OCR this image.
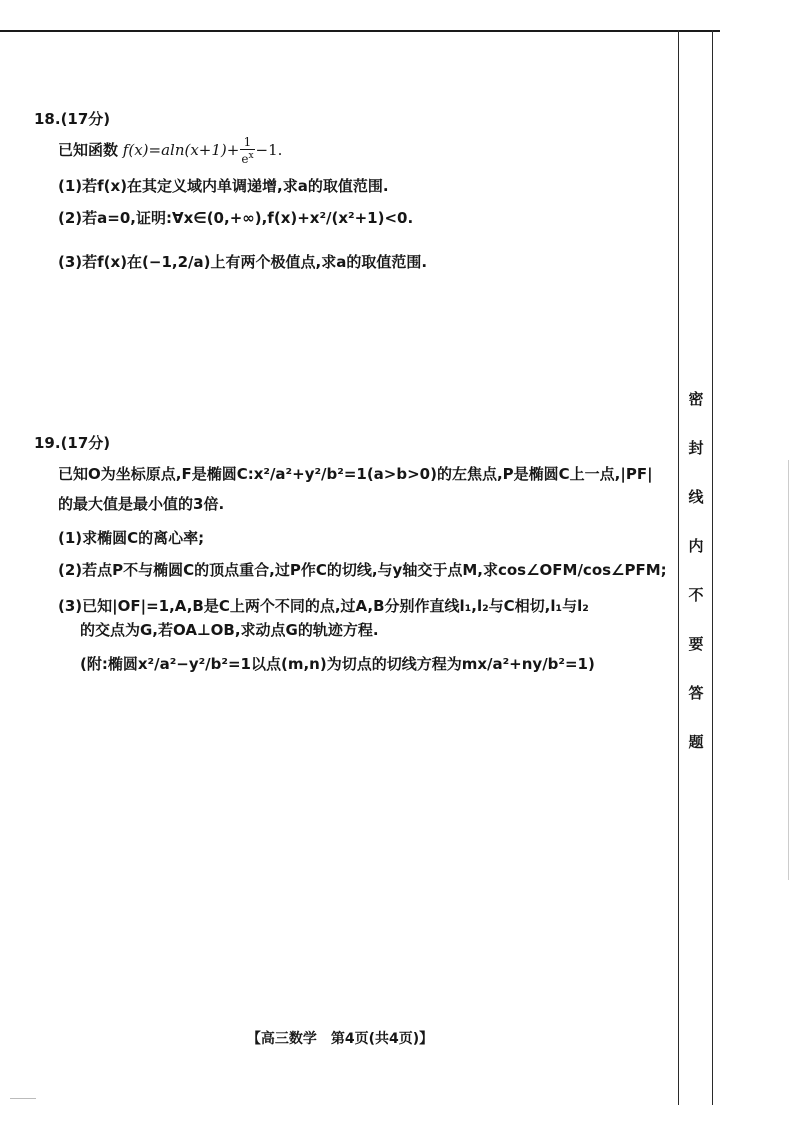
密
封
线
内
不
要
答
题
18.(17分)
已知函数 $f(x)=aln(x+1)+ \frac{1}{e^x} -1$.
(1)若f(x)在其定义域内单调递增,求a的取值范围.
(2)若a=0,证明:∀x∈(0,+∞),f(x)+x²/(x²+1)<0.
(3)若f(x)在(−1,2/a)上有两个极值点,求a的取值范围.
19.(17分)
已知O为坐标原点,F是椭圆C:x²/a²+y²/b²=1(a>b>0)的左焦点,P是椭圆C上一点,|PF|
的最大值是最小值的3倍.
(1)求椭圆C的离心率;
(2)若点P不与椭圆C的顶点重合,过P作C的切线,与y轴交于点M,求cos∠OFM/cos∠PFM;
(3)已知|OF|=1,A,B是C上两个不同的点,过A,B分别作直线l₁,l₂与C相切,l₁与l₂
的交点为G,若OA⊥OB,求动点G的轨迹方程.
(附:椭圆x²/a²−y²/b²=1以点(m,n)为切点的切线方程为mx/a²+ny/b²=1)
【高三数学　第4页(共4页)】
